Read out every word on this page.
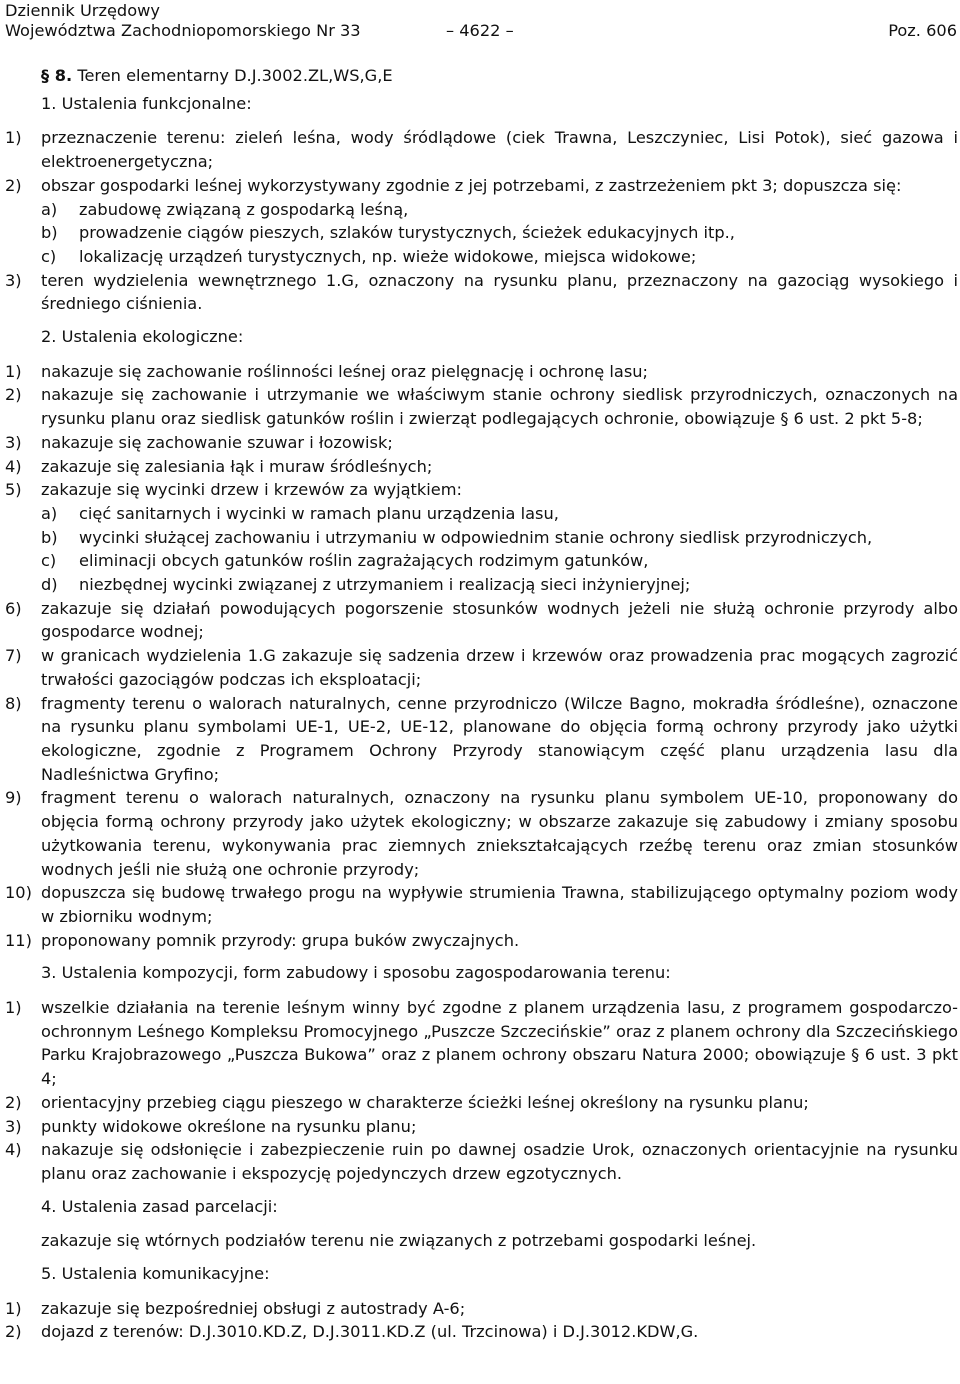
Dziennik Urzędowy
Województwa Zachodniopomorskiego Nr 33	– 4622 –	Poz. 606
§ 8. Teren elementarny D.J.3002.ZL,WS,G,E
1. Ustalenia funkcjonalne:
1) przeznaczenie terenu: zieleń leśna, wody śródlądowe (ciek Trawna, Leszczyniec, Lisi Potok), sieć gazowa i elektroenergetyczna;
2) obszar gospodarki leśnej wykorzystywany zgodnie z jej potrzebami, z zastrzeżeniem pkt 3; dopuszcza się:
a) zabudowę związaną z gospodarką leśną,
b) prowadzenie ciągów pieszych, szlaków turystycznych, ścieżek edukacyjnych itp.,
c) lokalizację urządzeń turystycznych, np. wieże widokowe, miejsca widokowe;
3) teren wydzielenia wewnętrznego 1.G, oznaczony na rysunku planu, przeznaczony na gazociąg wysokiego i średniego ciśnienia.
2. Ustalenia ekologiczne:
1) nakazuje się zachowanie roślinności leśnej oraz pielęgnację i ochronę lasu;
2) nakazuje się zachowanie i utrzymanie we właściwym stanie ochrony siedlisk przyrodniczych, oznaczonych na rysunku planu oraz siedlisk gatunków roślin i zwierząt podlegających ochronie, obowiązuje § 6 ust. 2 pkt 5-8;
3) nakazuje się zachowanie szuwar i łozowisk;
4) zakazuje się zalesiania łąk i muraw śródleśnych;
5) zakazuje się wycinki drzew i krzewów za wyjątkiem:
a) cięć sanitarnych i wycinki w ramach planu urządzenia lasu,
b) wycinki służącej zachowaniu i utrzymaniu w odpowiednim stanie ochrony siedlisk przyrodniczych,
c) eliminacji obcych gatunków roślin zagrażających rodzimym gatunków,
d) niezbędnej wycinki związanej z utrzymaniem i realizacją sieci inżynieryjnej;
6) zakazuje się działań powodujących pogorszenie stosunków wodnych jeżeli nie służą ochronie przyrody albo gospodarce wodnej;
7) w granicach wydzielenia 1.G zakazuje się sadzenia drzew i krzewów oraz prowadzenia prac mogących zagrozić trwałości gazociągów podczas ich eksploatacji;
8) fragmenty terenu o walorach naturalnych, cenne przyrodniczo (Wilcze Bagno, mokradła śródleśne), oznaczone na rysunku planu symbolami UE-1, UE-2, UE-12, planowane do objęcia formą ochrony przyrody jako użytki ekologiczne, zgodnie z Programem Ochrony Przyrody stanowiącym część planu urządzenia lasu dla Nadleśnictwa Gryfino;
9) fragment terenu o walorach naturalnych, oznaczony na rysunku planu symbolem UE-10, proponowany do objęcia formą ochrony przyrody jako użytek ekologiczny; w obszarze zakazuje się zabudowy i zmiany sposobu użytkowania terenu, wykonywania prac ziemnych zniekształcających rzeźbę terenu oraz zmian stosunków wodnych jeśli nie służą one ochronie przyrody;
10) dopuszcza się budowę trwałego progu na wypływie strumienia Trawna, stabilizującego optymalny poziom wody w zbiorniku wodnym;
11) proponowany pomnik przyrody: grupa buków zwyczajnych.
3. Ustalenia kompozycji, form zabudowy i sposobu zagospodarowania terenu:
1) wszelkie działania na terenie leśnym winny być zgodne z planem urządzenia lasu, z programem gospodarczo-ochronnym Leśnego Kompleksu Promocyjnego „Puszcze Szczecińskie” oraz z planem ochrony dla Szczecińskiego Parku Krajobrazowego „Puszcza Bukowa” oraz z planem ochrony obszaru Natura 2000; obowiązuje § 6 ust. 3 pkt 4;
2) orientacyjny przebieg ciągu pieszego w charakterze ścieżki leśnej określony na rysunku planu;
3) punkty widokowe określone na rysunku planu;
4) nakazuje się odsłonięcie i zabezpieczenie ruin po dawnej osadzie Urok, oznaczonych orientacyjnie na rysunku planu oraz zachowanie i ekspozycję pojedynczych drzew egzotycznych.
4. Ustalenia zasad parcelacji:
zakazuje się wtórnych podziałów terenu nie związanych z potrzebami gospodarki leśnej.
5. Ustalenia komunikacyjne:
1) zakazuje się bezpośredniej obsługi z autostrady A-6;
2) dojazd z terenów: D.J.3010.KD.Z, D.J.3011.KD.Z (ul. Trzcinowa) i D.J.3012.KDW,G.
